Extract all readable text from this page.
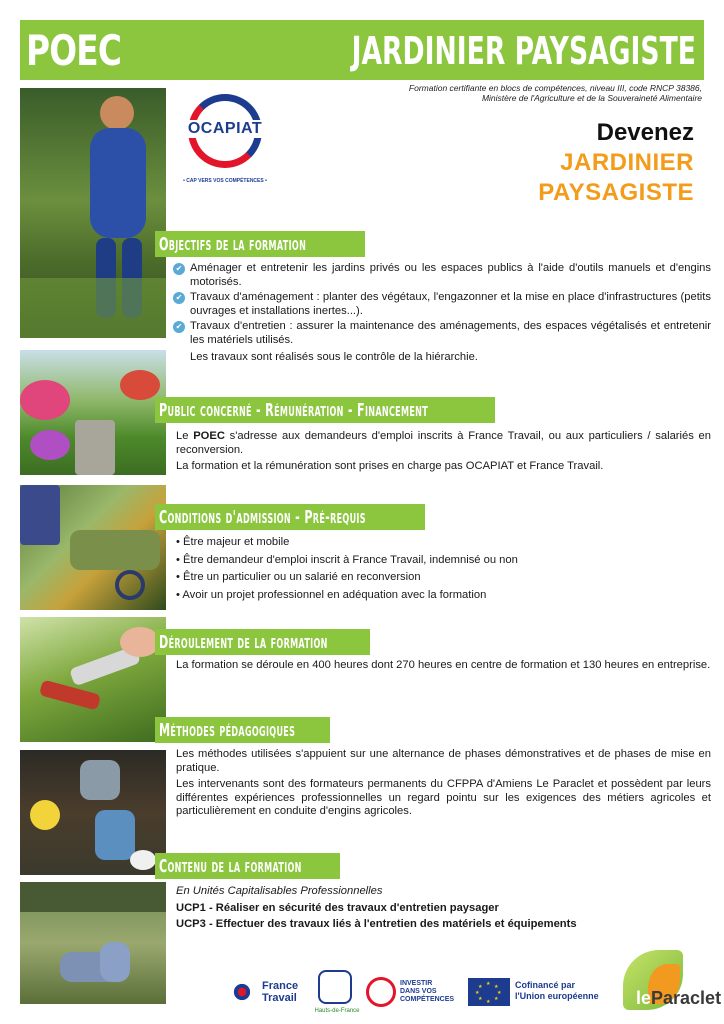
POEC	JARDINIER PAYSAGISTE
Formation certifiante en blocs de compétences, niveau III, code RNCP 38386,
Ministère de l'Agriculture et de la Souveraineté Alimentaire
OCAPIAT
• CAP VERS VOS COMPÉTENCES •
Devenez
JARDINIER
PAYSAGISTE
Objectifs de la formation
Public concerné - Rémunération - Financement
Conditions d'admission - Pré-requis
Déroulement de la formation
Méthodes pédagogiques
Contenu de la formation
✔ Aménager et entretenir les jardins privés ou les espaces publics à l'aide d'outils manuels et d'engins motorisés.
✔ Travaux d'aménagement : planter des végétaux, l'engazonner et la mise en place d'infrastructures (petits ouvrages et installations inertes...).
✔ Travaux d'entretien : assurer la maintenance des aménagements, des espaces végétalisés et entretenir les matériels utilisés.

Les travaux sont réalisés sous le contrôle de la hiérarchie.

Le POEC s'adresse aux demandeurs d'emploi inscrits à France Travail, ou aux particuliers / salariés en reconversion.

La formation et la rémunération sont prises en charge pas OCAPIAT et France Travail.

• Être majeur et mobile
• Être demandeur d'emploi inscrit à France Travail, indemnisé ou non
• Être un particulier ou un salarié en reconversion
• Avoir un projet professionnel en adéquation avec la formation

La formation se déroule en 400 heures dont 270 heures en centre de formation et 130 heures en entreprise.

Les méthodes utilisées s'appuient sur une alternance de phases démonstratives et de phases de mise en pratique.

Les intervenants sont des formateurs permanents du CFPPA d'Amiens Le Paraclet et possèdent par leurs différentes expériences professionnelles un regard pointu sur les exigences des métiers agricoles et particulièrement en conduite d'engins agricoles.

En Unités Capitalisables Professionnelles
UCP1 - Réaliser en sécurité des travaux d'entretien paysager
UCP3 - Effectuer des travaux liés à l'entretien des matériels et équipements
France
Travail
Hauts-de-France
INVESTIR
DANS VOS
COMPÉTENCES
★ ★
★
★
★
★
★
★	Cofinancé par
l'Union européenne	leParaclet
